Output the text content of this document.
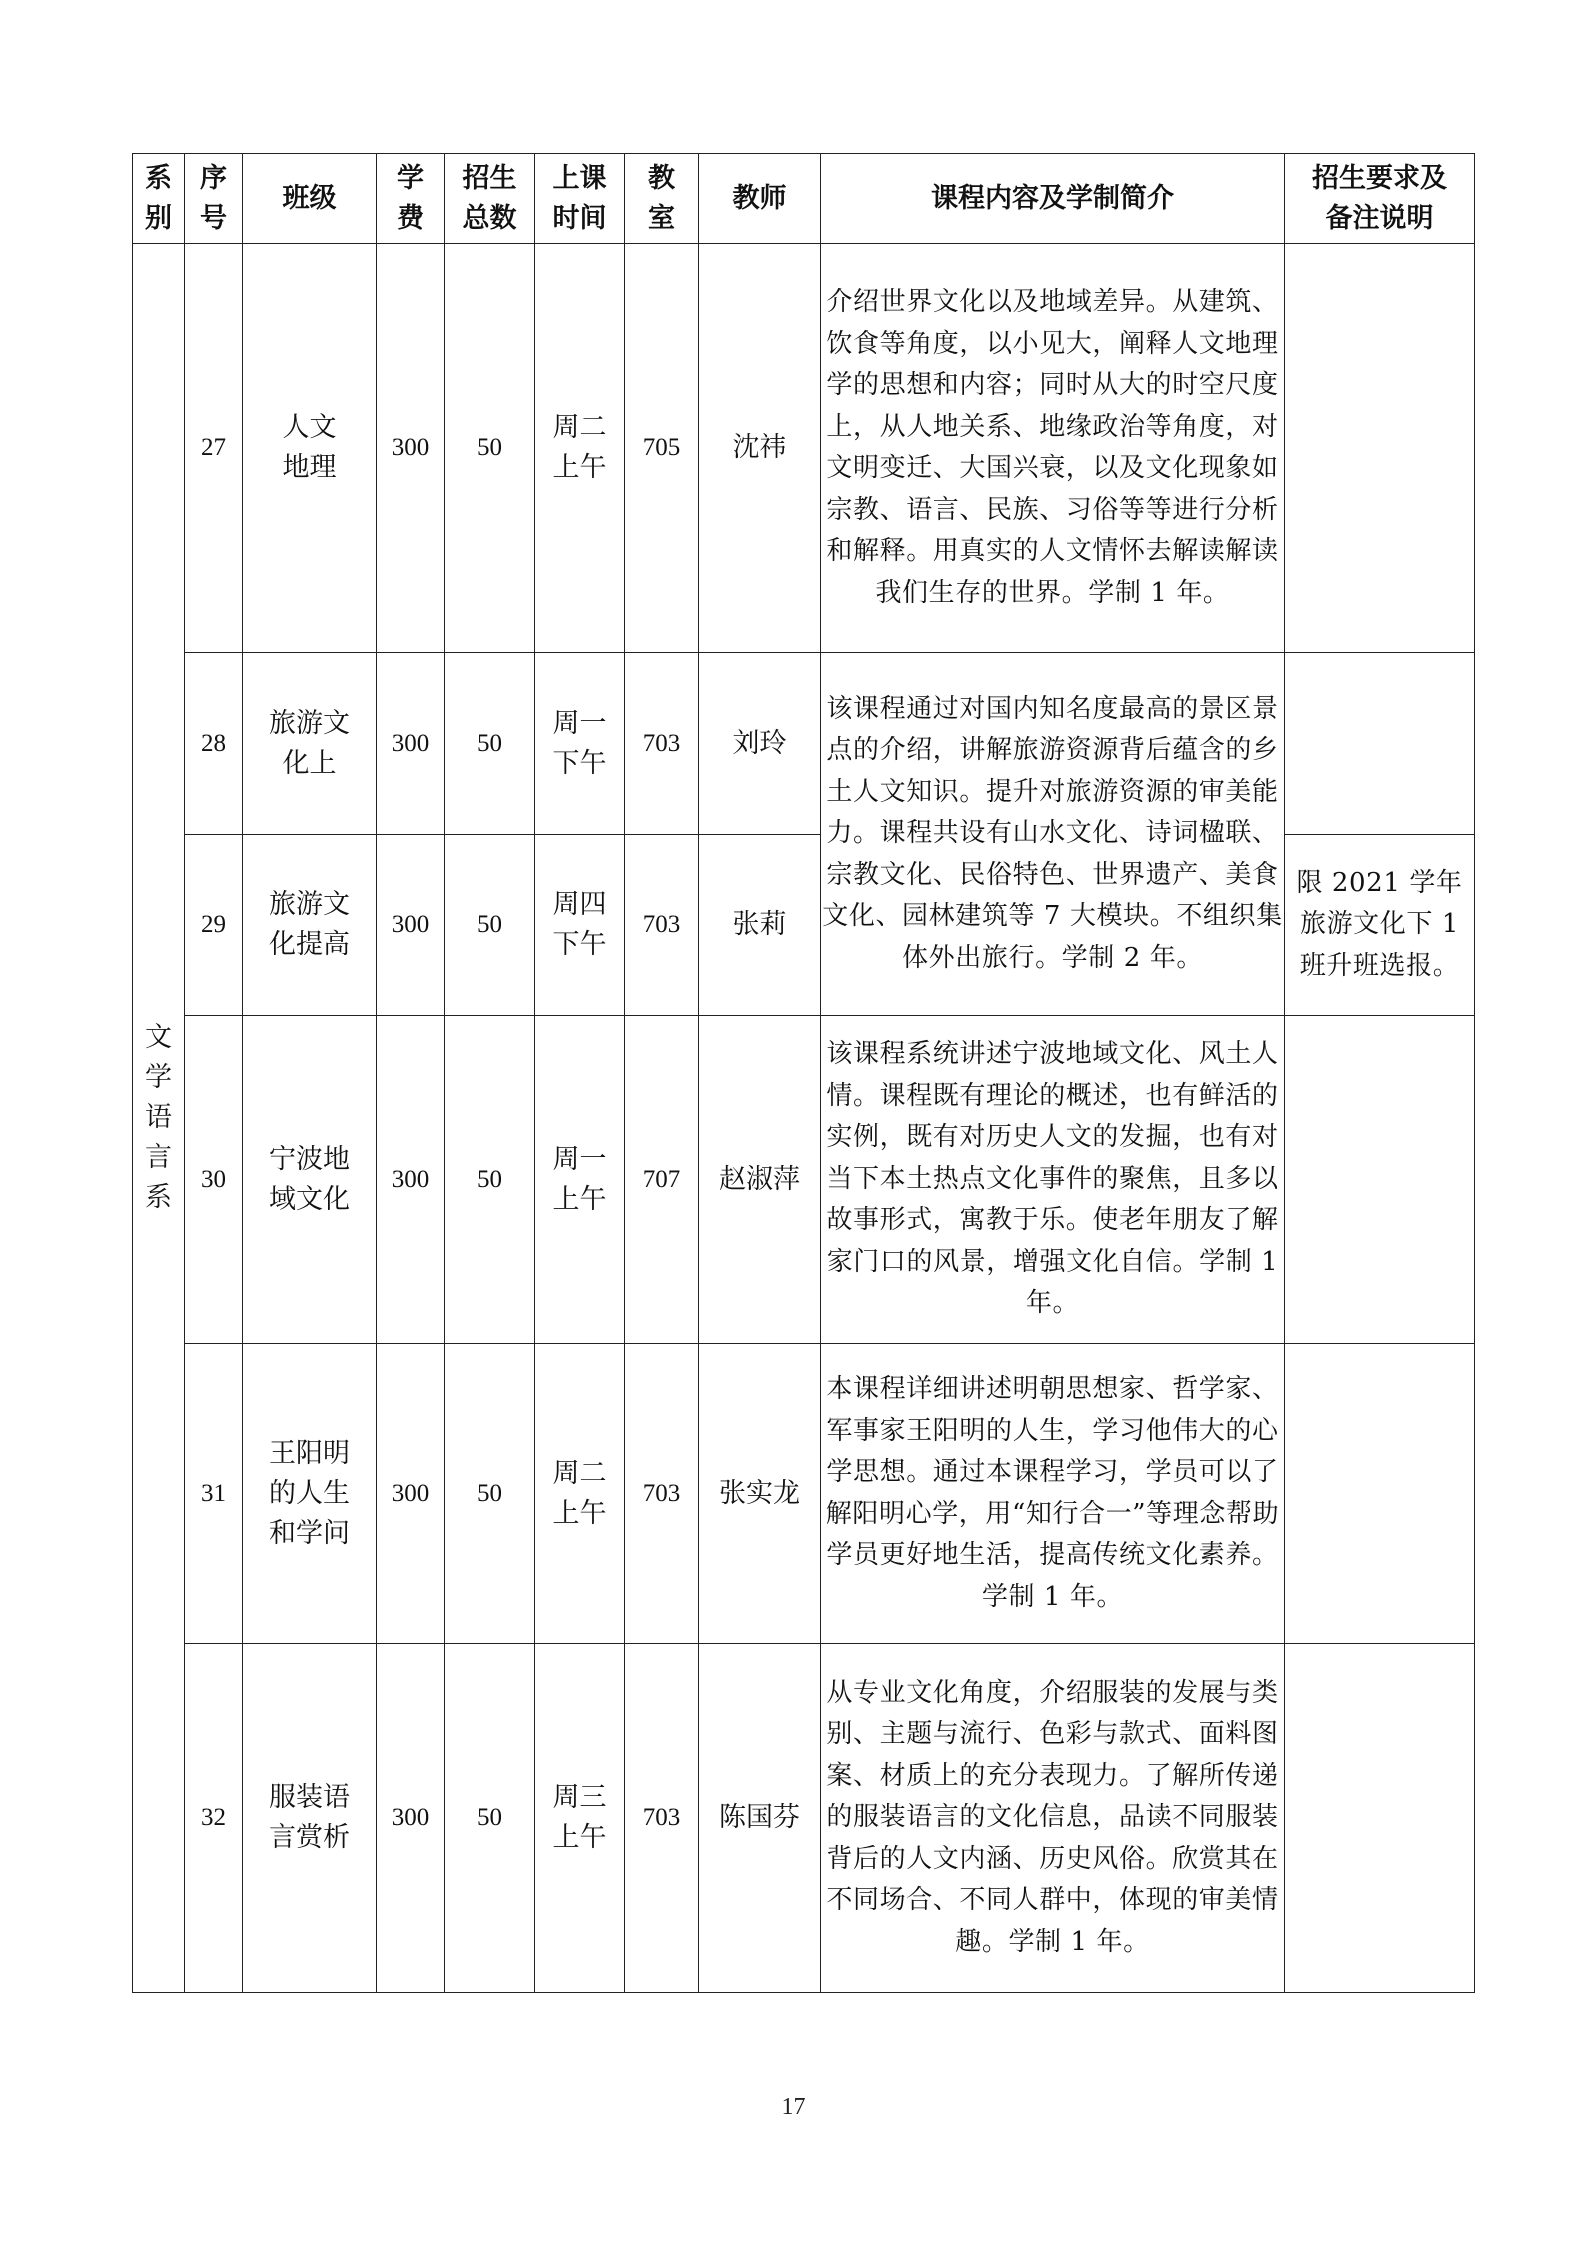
系别	序号	班级	学费	招生总数	上课时间	教室	教师	课程内容及学制简介	招生要求及备注说明
文学语言系	27	人文地理	300	50	周二上午	705	沈祎	介绍世界文化以及地域差异。从建筑、饮食等角度，以小见大，阐释人文地理学的思想和内容；同时从大的时空尺度上，从人地关系、地缘政治等角度，对文明变迁、大国兴衰，以及文化现象如宗教、语言、民族、习俗等等进行分析和解释。用真实的人文情怀去解读解读我们生存的世界。学制 1 年。	
	28	旅游文化上	300	50	周一下午	703	刘玲	该课程通过对国内知名度最高的景区景点的介绍，讲解旅游资源背后蕴含的乡土人文知识。提升对旅游资源的审美能力。课程共设有山水文化、诗词楹联、宗教文化、民俗特色、世界遗产、美食文化、园林建筑等 7 大模块。不组织集体外出旅行。学制 2 年。	
	29	旅游文化提高	300	50	周四下午	703	张莉		限 2021 学年旅游文化下 1 班升班选报。
	30	宁波地域文化	300	50	周一上午	707	赵淑萍	该课程系统讲述宁波地域文化、风土人情。课程既有理论的概述，也有鲜活的实例，既有对历史人文的发掘，也有对当下本土热点文化事件的聚焦，且多以故事形式，寓教于乐。使老年朋友了解家门口的风景，增强文化自信。学制 1 年。	
	31	王阳明的人生和学问	300	50	周二上午	703	张实龙	本课程详细讲述明朝思想家、哲学家、军事家王阳明的人生，学习他伟大的心学思想。通过本课程学习，学员可以了解阳明心学，用“知行合一”等理念帮助学员更好地生活，提高传统文化素养。学制 1 年。	
	32	服装语言赏析	300	50	周三上午	703	陈国芬	从专业文化角度，介绍服装的发展与类别、主题与流行、色彩与款式、面料图案、材质上的充分表现力。了解所传递的服装语言的文化信息，品读不同服装背后的人文内涵、历史风俗。欣赏其在不同场合、不同人群中，体现的审美情趣。学制 1 年。	
17
